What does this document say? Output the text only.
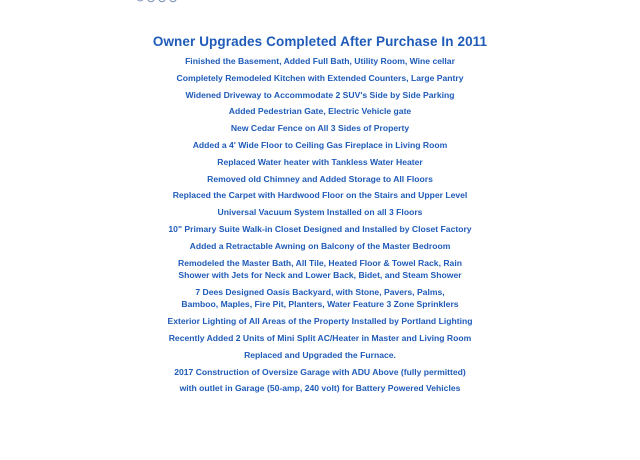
Owner Upgrades Completed After Purchase In 2011
Finished the Basement, Added Full Bath, Utility Room, Wine cellar
Completely Remodeled Kitchen with Extended Counters, Large Pantry
Widened Driveway to Accommodate 2 SUV's Side by Side Parking
Added Pedestrian Gate, Electric Vehicle gate
New Cedar Fence on All 3 Sides of Property
Added a 4' Wide Floor to Ceiling Gas Fireplace in Living Room
Replaced Water heater with Tankless Water Heater
Removed old Chimney and Added Storage to All Floors
Replaced the Carpet with Hardwood Floor on the Stairs and Upper Level
Universal Vacuum System Installed on all 3 Floors
10" Primary Suite Walk-in Closet Designed and Installed by Closet Factory
Added a Retractable Awning on Balcony of the Master Bedroom
Remodeled the Master Bath, All Tile, Heated Floor & Towel Rack, Rain
Shower with Jets for Neck and Lower Back, Bidet, and Steam Shower
7 Dees Designed Oasis Backyard, with Stone, Pavers, Palms,
Bamboo, Maples, Fire Pit, Planters, Water Feature 3 Zone Sprinklers
Exterior Lighting of All Areas of the Property Installed by Portland Lighting
Recently Added 2 Units of Mini Split AC/Heater in Master and Living Room
Replaced and Upgraded the Furnace.
2017 Construction of Oversize Garage with ADU Above (fully permitted)
with outlet in Garage (50-amp, 240 volt) for Battery Powered Vehicles
